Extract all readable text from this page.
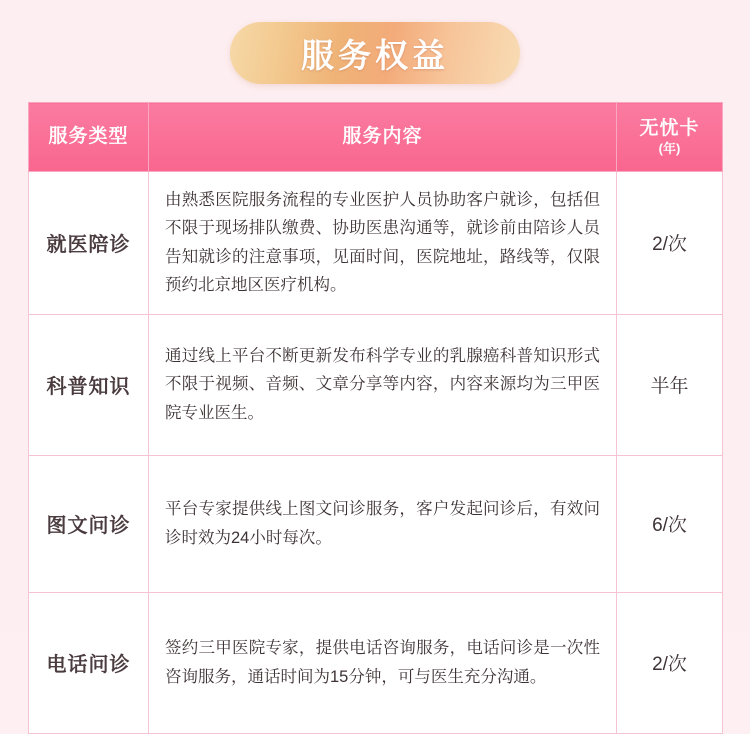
服务权益
服务类型	服务内容	无忧卡
(年)

就医陪诊	由熟悉医院服务流程的专业医护人员协助客户就诊，包括但不限于现场排队缴费、协助医患沟通等，就诊前由陪诊人员告知就诊的注意事项，见面时间，医院地址，路线等，仅限预约北京地区医疗机构。	2/次
科普知识	通过线上平台不断更新发布科学专业的乳腺癌科普知识形式不限于视频、音频、文章分享等内容，内容来源均为三甲医院专业医生。	半年
图文问诊	平台专家提供线上图文问诊服务，客户发起问诊后，有效问诊时效为24小时每次。	6/次
电话问诊	签约三甲医院专家，提供电话咨询服务，电话问诊是一次性咨询服务，通话时间为15分钟，可与医生充分沟通。	2/次
